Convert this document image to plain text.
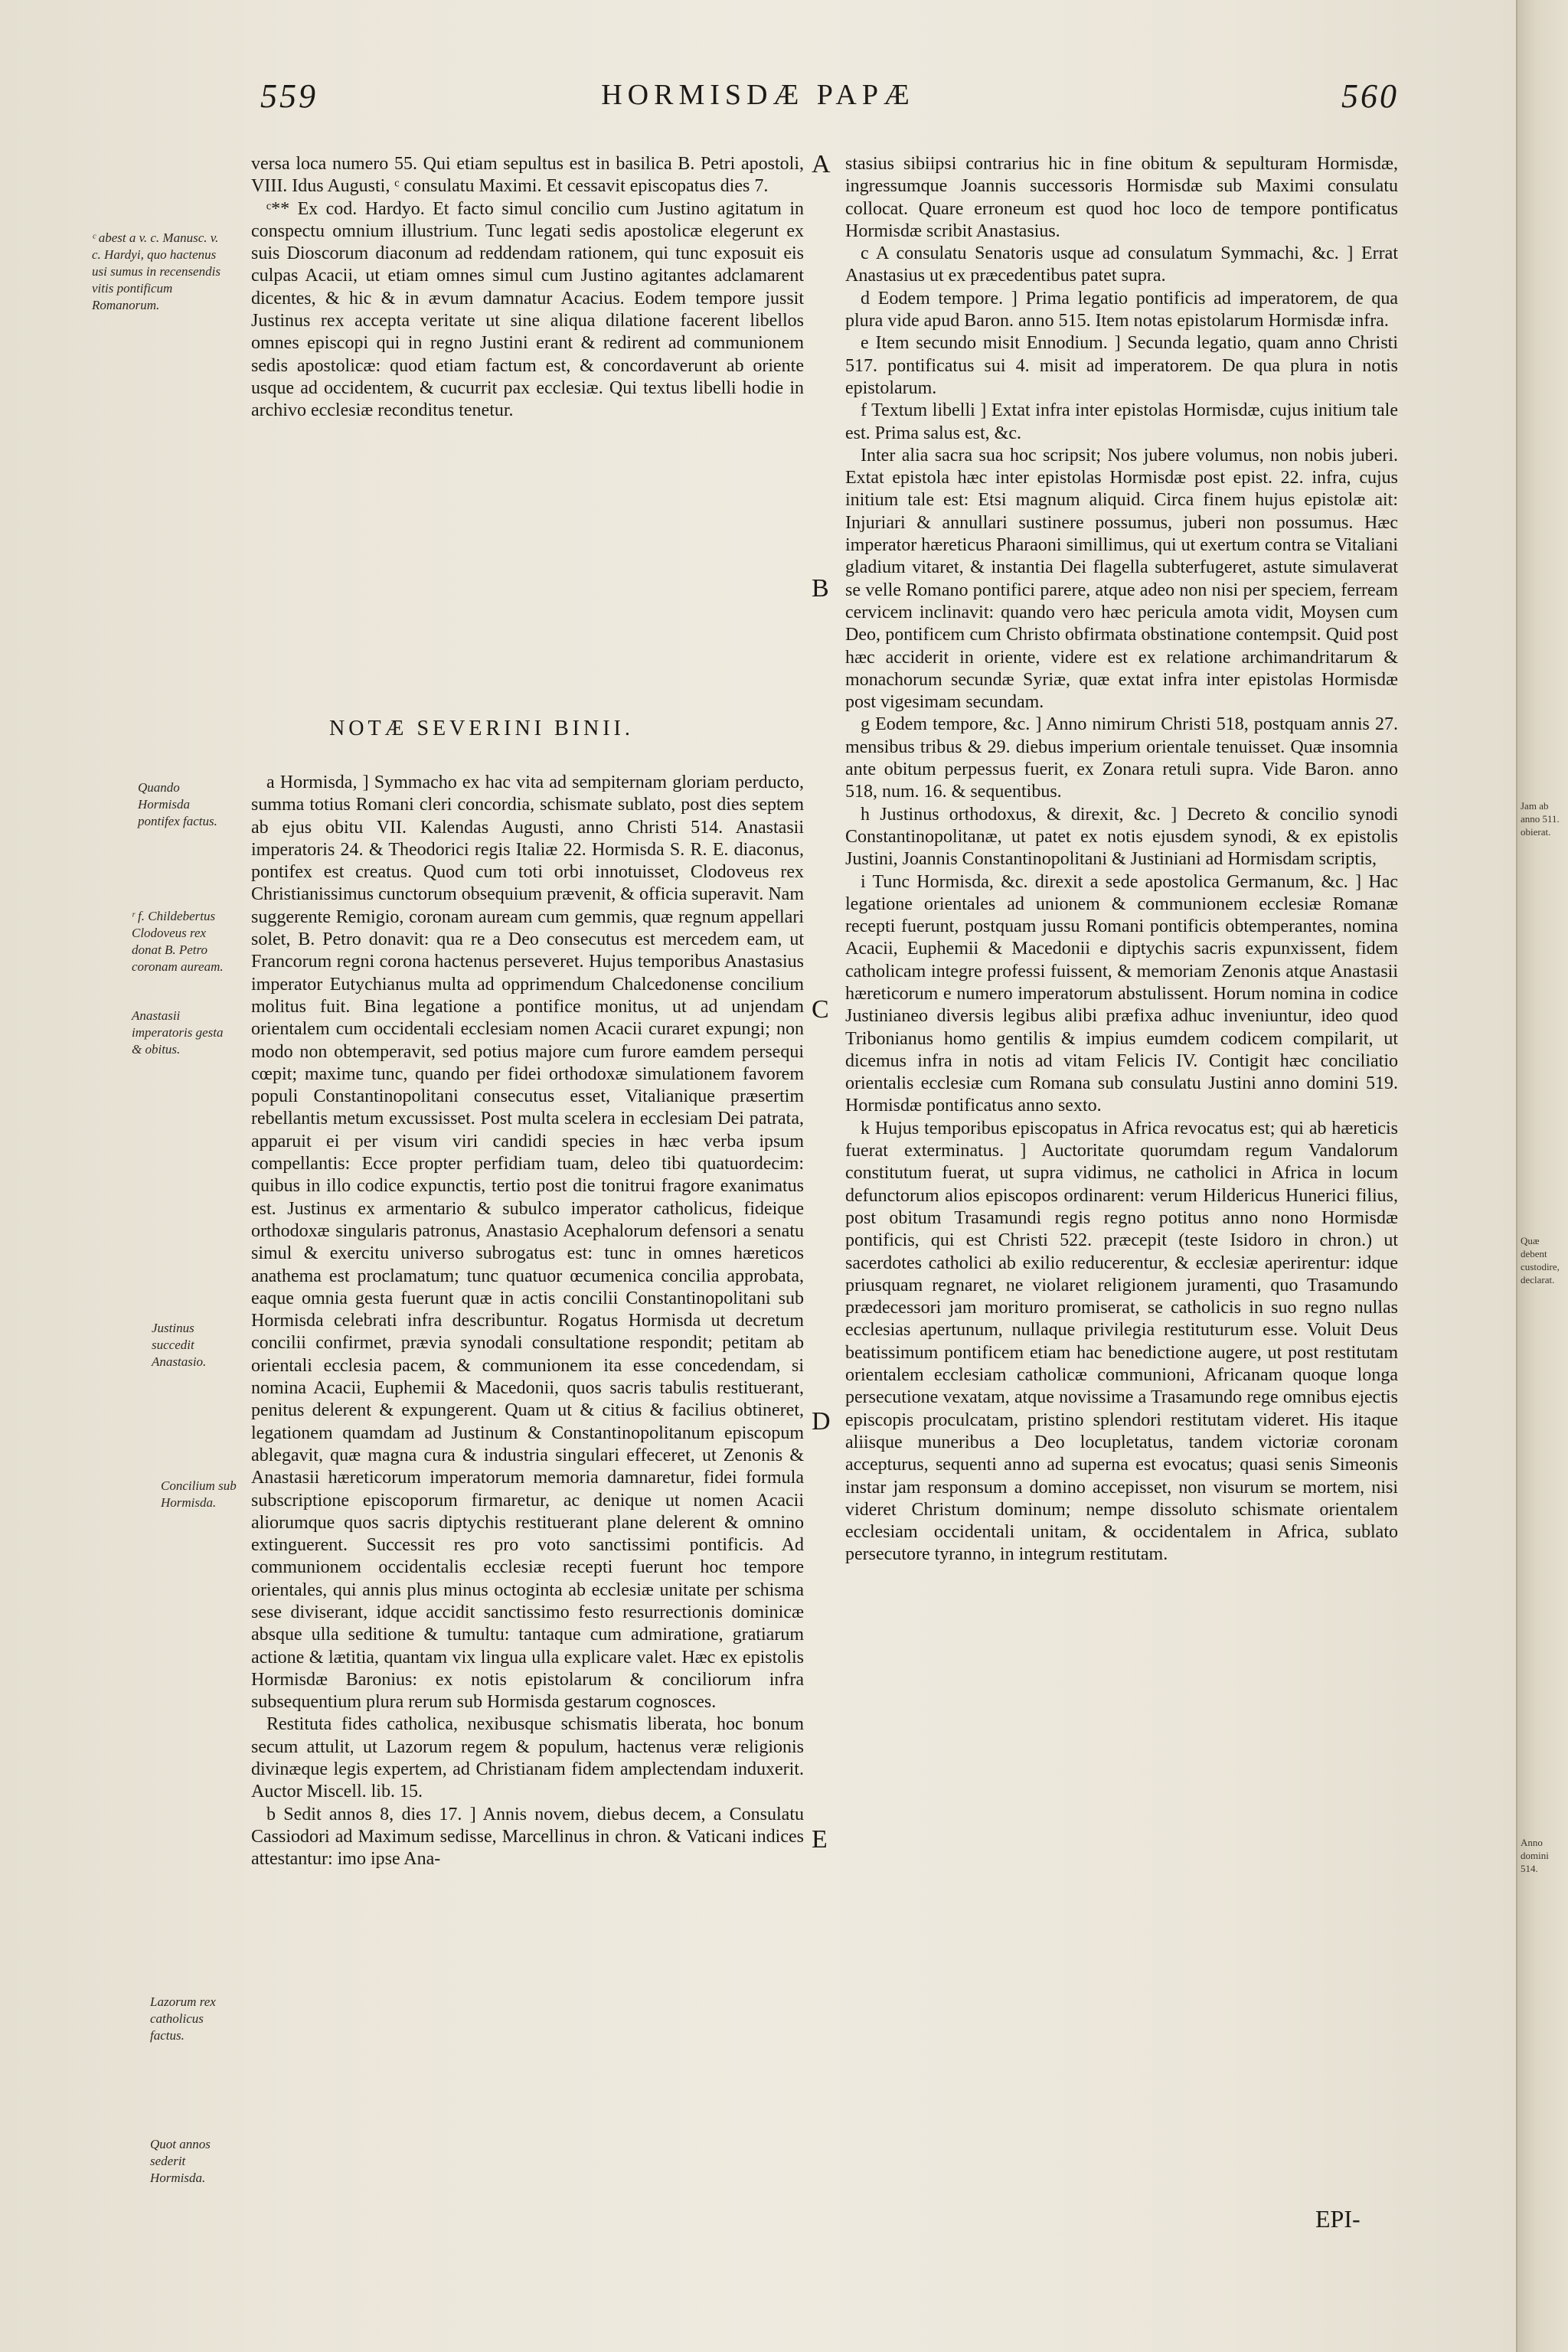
559	HORMISDÆ PAPÆ	560
ᶜ abest a v. c. Manusc. v. c. Hardyi, quo hactenus usi sumus in recensendis vitis pontificum Romanorum.
Quando Hormisda pontifex factus.
ʳ f. Childebertus Clodoveus rex donat B. Petro coronam auream.
Anastasii imperatoris gesta & obitus.
Justinus succedit Anastasio.
Concilium sub Hormisda.
Lazorum rex catholicus factus.
Quot annos sederit Hormisda.

versa loca numero 55. Qui etiam sepultus est in basilica B. Petri apostoli, VIII. Idus Augusti, ᶜ consulatu Maximi. Et cessavit episcopatus dies 7.

ᶜ** Ex cod. Hardyo. Et facto simul concilio cum Justino agitatum in conspectu omnium illustrium. Tunc legati sedis apostolicæ elegerunt ex suis Dioscorum diaconum ad reddendam rationem, qui tunc exposuit eis culpas Acacii, ut etiam omnes simul cum Justino agitantes adclamarent dicentes, & hic & in ævum damnatur Acacius. Eodem tempore jussit Justinus rex accepta veritate ut sine aliqua dilatione facerent libellos omnes episcopi qui in regno Justini erant & redirent ad communionem sedis apostolicæ: quod etiam factum est, & concordaverunt ab oriente usque ad occidentem, & cucurrit pax ecclesiæ. Qui textus libelli hodie in archivo ecclesiæ reconditus tenetur.

NOTÆ SEVERINI BINII.

a Hormisda, ] Symmacho ex hac vita ad sempiternam gloriam perducto, summa totius Romani cleri concordia, schismate sublato, post dies septem ab ejus obitu VII. Kalendas Augusti, anno Christi 514. Anastasii imperatoris 24. & Theodorici regis Italiæ 22. Hormisda S. R. E. diaconus, pontifex est creatus. Quod cum toti orbi innotuisset, Clodoveus rex Christianissimus cunctorum obsequium prævenit, & officia superavit. Nam suggerente Remigio, coronam auream cum gemmis, quæ regnum appellari solet, B. Petro donavit: qua re a Deo consecutus est mercedem eam, ut Francorum regni corona hactenus perseveret. Hujus temporibus Anastasius imperator Eutychianus multa ad opprimendum Chalcedonense concilium molitus fuit. Bina legatione a pontifice monitus, ut ad unjendam orientalem cum occidentali ecclesiam nomen Acacii curaret expungi; non modo non obtemperavit, sed potius majore cum furore eamdem persequi cœpit; maxime tunc, quando per fidei orthodoxæ simulationem favorem populi Constantinopolitani consecutus esset, Vitalianique præsertim rebellantis metum excussisset. Post multa scelera in ecclesiam Dei patrata, apparuit ei per visum viri candidi species in hæc verba ipsum compellantis: Ecce propter perfidiam tuam, deleo tibi quatuordecim: quibus in illo codice expunctis, tertio post die tonitrui fragore exanimatus est. Justinus ex armentario & subulco imperator catholicus, fideique orthodoxæ singularis patronus, Anastasio Acephalorum defensori a senatu simul & exercitu universo subrogatus est: tunc in omnes hæreticos anathema est proclamatum; tunc quatuor œcumenica concilia approbata, eaque omnia gesta fuerunt quæ in actis concilii Constantinopolitani sub Hormisda celebrati infra describuntur. Rogatus Hormisda ut decretum concilii confirmet, prævia synodali consultatione respondit; petitam ab orientali ecclesia pacem, & communionem ita esse concedendam, si nomina Acacii, Euphemii & Macedonii, quos sacris tabulis restituerant, penitus delerent & expungerent. Quam ut & citius & facilius obtineret, legationem quamdam ad Justinum & Constantinopolitanum episcopum ablegavit, quæ magna cura & industria singulari effeceret, ut Zenonis & Anastasii hæreticorum imperatorum memoria damnaretur, fidei formula subscriptione episcoporum firmaretur, ac denique ut nomen Acacii aliorumque quos sacris diptychis restituerant plane delerent & omnino extinguerent. Successit res pro voto sanctissimi pontificis. Ad communionem occidentalis ecclesiæ recepti fuerunt hoc tempore orientales, qui annis plus minus octoginta ab ecclesiæ unitate per schisma sese diviserant, idque accidit sanctissimo festo resurrectionis dominicæ absque ulla seditione & tumultu: tantaque cum admiratione, gratiarum actione & lætitia, quantam vix lingua ulla explicare valet. Hæc ex epistolis Hormisdæ Baronius: ex notis epistolarum & conciliorum infra subsequentium plura rerum sub Hormisda gestarum cognosces.

Restituta fides catholica, nexibusque schismatis liberata, hoc bonum secum attulit, ut Lazorum regem & populum, hactenus veræ religionis divinæque legis expertem, ad Christianam fidem amplectendam induxerit. Auctor Miscell. lib. 15.

b Sedit annos 8, dies 17. ] Annis novem, diebus decem, a Consulatu Cassiodori ad Maximum sedisse, Marcellinus in chron. & Vaticani indices attestantur: imo ipse Ana-

A
B
C
D
E

stasius sibiipsi contrarius hic in fine obitum & sepulturam Hormisdæ, ingressumque Joannis successoris Hormisdæ sub Maximi consulatu collocat. Quare erroneum est quod hoc loco de tempore pontificatus Hormisdæ scribit Anastasius.

c A consulatu Senatoris usque ad consulatum Symmachi, &c. ] Errat Anastasius ut ex præcedentibus patet supra.

d Eodem tempore. ] Prima legatio pontificis ad imperatorem, de qua plura vide apud Baron. anno 515. Item notas epistolarum Hormisdæ infra.

e Item secundo misit Ennodium. ] Secunda legatio, quam anno Christi 517. pontificatus sui 4. misit ad imperatorem. De qua plura in notis epistolarum.

f Textum libelli ] Extat infra inter epistolas Hormisdæ, cujus initium tale est. Prima salus est, &c.

Inter alia sacra sua hoc scripsit; Nos jubere volumus, non nobis juberi. Extat epistola hæc inter epistolas Hormisdæ post epist. 22. infra, cujus initium tale est: Etsi magnum aliquid. Circa finem hujus epistolæ ait: Injuriari & annullari sustinere possumus, juberi non possumus. Hæc imperator hæreticus Pharaoni simillimus, qui ut exertum contra se Vitaliani gladium vitaret, & instantia Dei flagella subterfugeret, astute simulaverat se velle Romano pontifici parere, atque adeo non nisi per speciem, ferream cervicem inclinavit: quando vero hæc pericula amota vidit, Moysen cum Deo, pontificem cum Christo obfirmata obstinatione contempsit. Quid post hæc acciderit in oriente, videre est ex relatione archimandritarum & monachorum secundæ Syriæ, quæ extat infra inter epistolas Hormisdæ post vigesimam secundam.

g Eodem tempore, &c. ] Anno nimirum Christi 518, postquam annis 27. mensibus tribus & 29. diebus imperium orientale tenuisset. Quæ insomnia ante obitum perpessus fuerit, ex Zonara retuli supra. Vide Baron. anno 518, num. 16. & sequentibus.

h Justinus orthodoxus, & direxit, &c. ] Decreto & concilio synodi Constantinopolitanæ, ut patet ex notis ejusdem synodi, & ex epistolis Justini, Joannis Constantinopolitani & Justiniani ad Hormisdam scriptis,

i Tunc Hormisda, &c. direxit a sede apostolica Germanum, &c. ] Hac legatione orientales ad unionem & communionem ecclesiæ Romanæ recepti fuerunt, postquam jussu Romani pontificis obtemperantes, nomina Acacii, Euphemii & Macedonii e diptychis sacris expunxissent, fidem catholicam integre professi fuissent, & memoriam Zenonis atque Anastasii hæreticorum e numero imperatorum abstulissent. Horum nomina in codice Justinianeo diversis legibus alibi præfixa adhuc inveniuntur, ideo quod Tribonianus homo gentilis & impius eumdem codicem compilarit, ut dicemus infra in notis ad vitam Felicis IV. Contigit hæc conciliatio orientalis ecclesiæ cum Romana sub consulatu Justini anno domini 519. Hormisdæ pontificatus anno sexto.

k Hujus temporibus episcopatus in Africa revocatus est; qui ab hæreticis fuerat exterminatus. ] Auctoritate quorumdam regum Vandalorum constitutum fuerat, ut supra vidimus, ne catholici in Africa in locum defunctorum alios episcopos ordinarent: verum Hildericus Hunerici filius, post obitum Trasamundi regis regno potitus anno nono Hormisdæ pontificis, qui est Christi 522. præcepit (teste Isidoro in chron.) ut sacerdotes catholici ab exilio reducerentur, & ecclesiæ aperirentur: idque priusquam regnaret, ne violaret religionem juramenti, quo Trasamundo prædecessori jam morituro promiserat, se catholicis in suo regno nullas ecclesias apertunum, nullaque privilegia restituturum esse. Voluit Deus beatissimum pontificem etiam hac benedictione augere, ut post restitutam orientalem ecclesiam catholicæ communioni, Africanam quoque longa persecutione vexatam, atque novissime a Trasamundo rege omnibus ejectis episcopis proculcatam, pristino splendori restitutam videret. His itaque aliisque muneribus a Deo locupletatus, tandem victoriæ coronam accepturus, sequenti anno ad superna est evocatus; quasi senis Simeonis instar jam responsum a domino accepisset, non visurum se mortem, nisi videret Christum dominum; nempe dissoluto schismate orientalem ecclesiam occidentali unitam, & occidentalem in Africa, sublato persecutore tyranno, in integrum restitutam.

EPI-
Jam ab anno 511. obierat.
Quæ debent custodire, declarat.
Anno domini 514.
